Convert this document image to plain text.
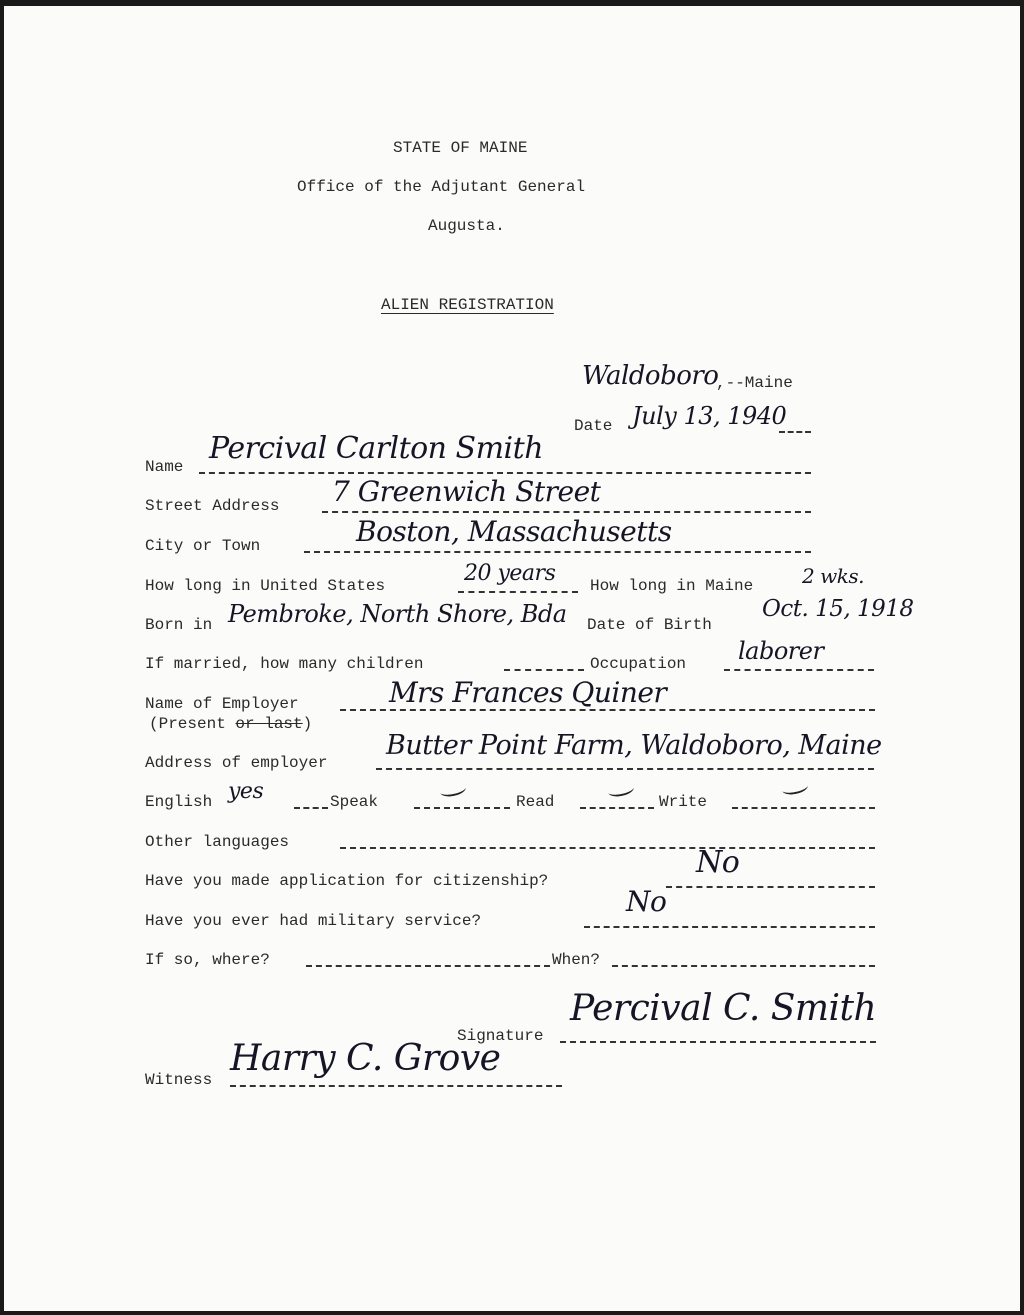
STATE OF MAINE
Office of the Adjutant General
Augusta.
ALIEN REGISTRATION
Waldoboro
,--Maine
Date July 13, 1940
Name
Percival Carlton Smith
Street Address 7 Greenwich Street
City or Town	Boston, Massachusetts
How long in United States	20 years How long in Maine 2 wks.
Born in Pembroke, North Shore, Bda Date of Birth
Oct. 15, 1918
If married, how many children	Occupation laborer
Name of Employer	Mrs Frances Quiner
(Present or last)
Address of employer
Butter Point Farm, Waldoboro, Maine
English yes	Speak	Read	Write
Other languages
Have you made application for citizenship?
No
Have you ever had military service?
No
If so, where?	When?
Signature
Percival C. Smith
Witness
Harry C. Grove
